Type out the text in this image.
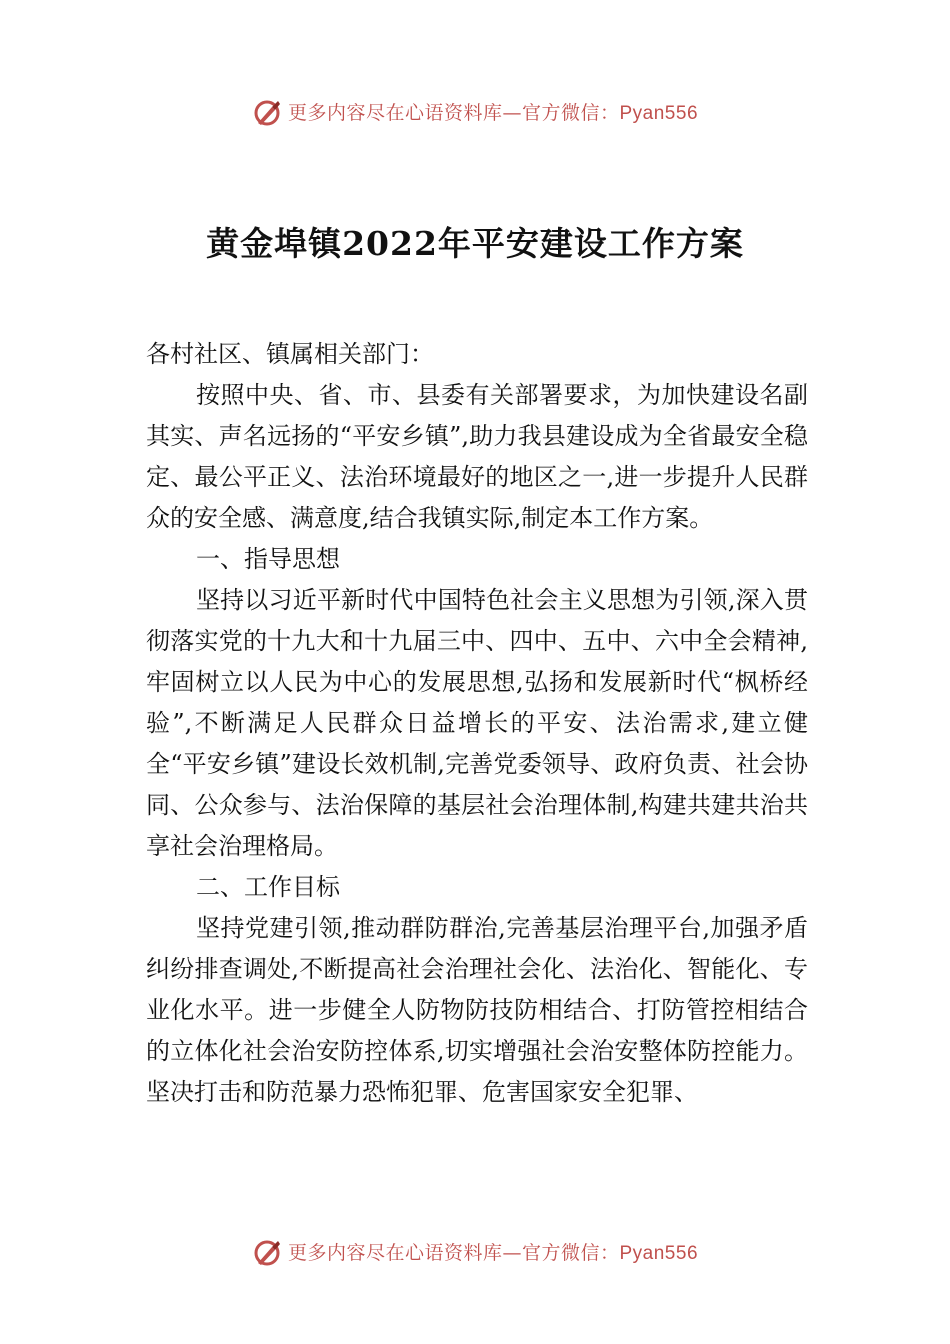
更多内容尽在心语资料库—官方微信：Pyan556
黄金埠镇2022年平安建设工作方案

各村社区、镇属相关部门：

按照中央、省、市、县委有关部署要求，为加快建设名副其实、声名远扬的“平安乡镇”,助力我县建设成为全省最安全稳定、最公平正义、法治环境最好的地区之一,进一步提升人民群众的安全感、满意度,结合我镇实际,制定本工作方案。

一、指导思想

坚持以习近平新时代中国特色社会主义思想为引领,深入贯彻落实党的十九大和十九届三中、四中、五中、六中全会精神,牢固树立以人民为中心的发展思想,弘扬和发展新时代“枫桥经验”,不断满足人民群众日益增长的平安、法治需求,建立健全“平安乡镇”建设长效机制,完善党委领导、政府负责、社会协同、公众参与、法治保障的基层社会治理体制,构建共建共治共享社会治理格局。

二、工作目标

坚持党建引领,推动群防群治,完善基层治理平台,加强矛盾纠纷排查调处,不断提高社会治理社会化、法治化、智能化、专业化水平。进一步健全人防物防技防相结合、打防管控相结合的立体化社会治安防控体系,切实增强社会治安整体防控能力。坚决打击和防范暴力恐怖犯罪、危害国家安全犯罪、

更多内容尽在心语资料库—官方微信：Pyan556
